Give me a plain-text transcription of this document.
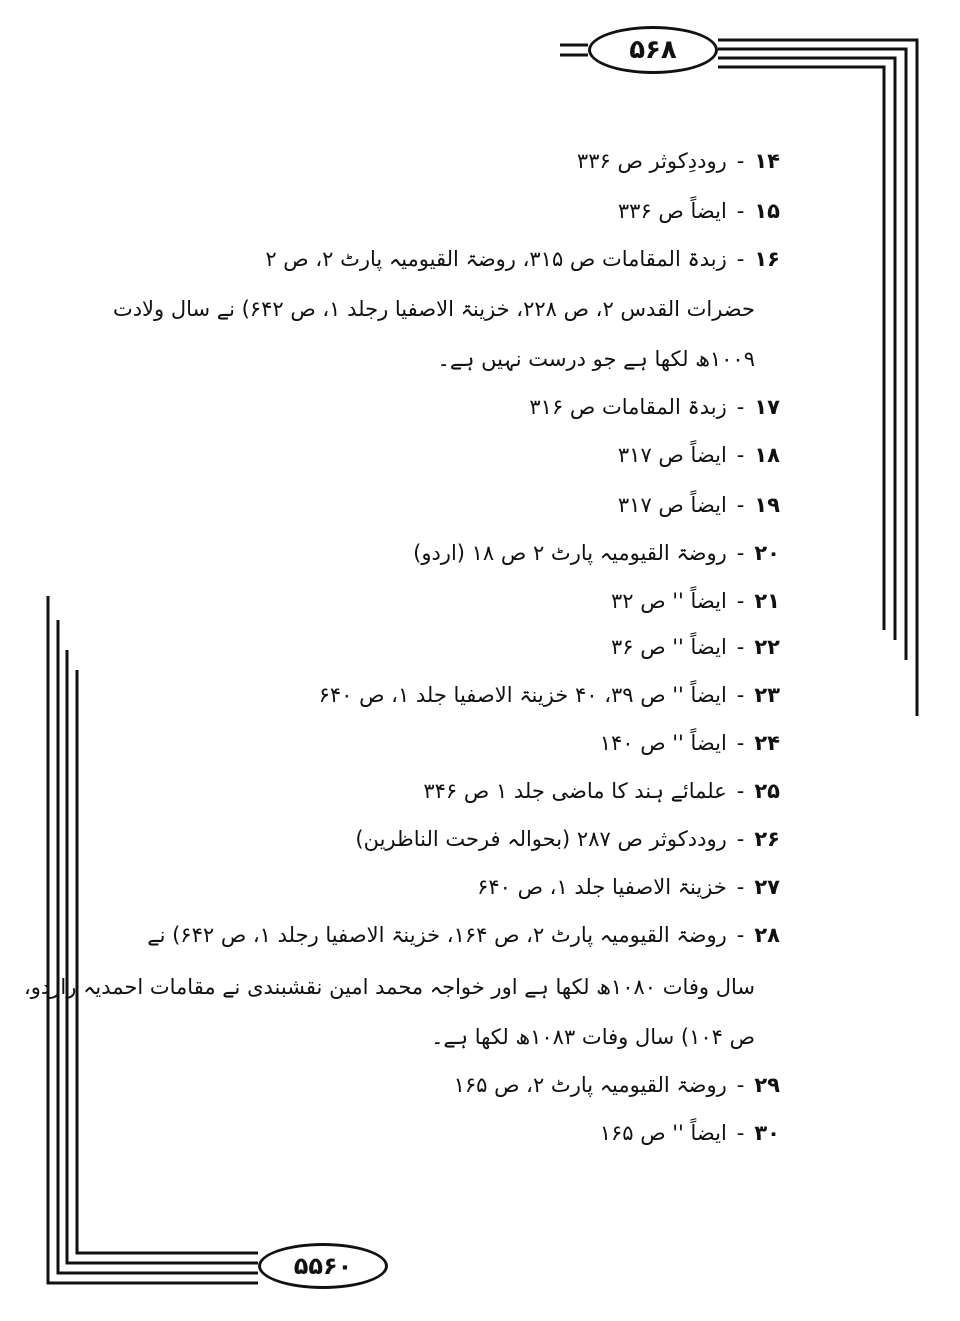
۵۶۸
۵۵۶۰
۱۴-روددِکوثر ص ۳۳۶
۱۵-ایضاً ص ۳۳۶
۱۶-زبدۃ المقامات ص ۳۱۵، روضۃ القیومیہ پارٹ ۲، ص ۲
حضرات القدس ۲، ص ۲۲۸، خزینۃ الاصفیا رجلد ۱، ص ۶۴۲) نے سال ولادت
۱۰۰۹ھ لکھا ہے جو درست نہیں ہے۔
۱۷-زبدۃ المقامات ص ۳۱۶
۱۸-ایضاً ص ۳۱۷
۱۹-ایضاً ص ۳۱۷
۲۰-روضۃ القیومیہ پارٹ ۲ ص ۱۸ (اردو)
۲۱-ایضاً '' ص ۳۲
۲۲-ایضاً '' ص ۳۶
۲۳-ایضاً '' ص ۳۹، ۴۰ خزینۃ الاصفیا جلد ۱، ص ۶۴۰
۲۴-ایضاً '' ص ۱۴۰
۲۵-علمائے ہند کا ماضی جلد ۱ ص ۳۴۶
۲۶-روددکوثر ص ۲۸۷ (بحوالہ فرحت الناظرین)
۲۷-خزینۃ الاصفیا جلد ۱، ص ۶۴۰
۲۸-روضۃ القیومیہ پارٹ ۲، ص ۱۶۴، خزینۃ الاصفیا رجلد ۱، ص ۶۴۲) نے
سال وفات ۱۰۸۰ھ لکھا ہے اور خواجہ محمد امین نقشبندی نے مقامات احمدیہ راردو،
ص ۱۰۴) سال وفات ۱۰۸۳ھ لکھا ہے۔
۲۹-روضۃ القیومیہ پارٹ ۲، ص ۱۶۵
۳۰-ایضاً '' ص ۱۶۵
